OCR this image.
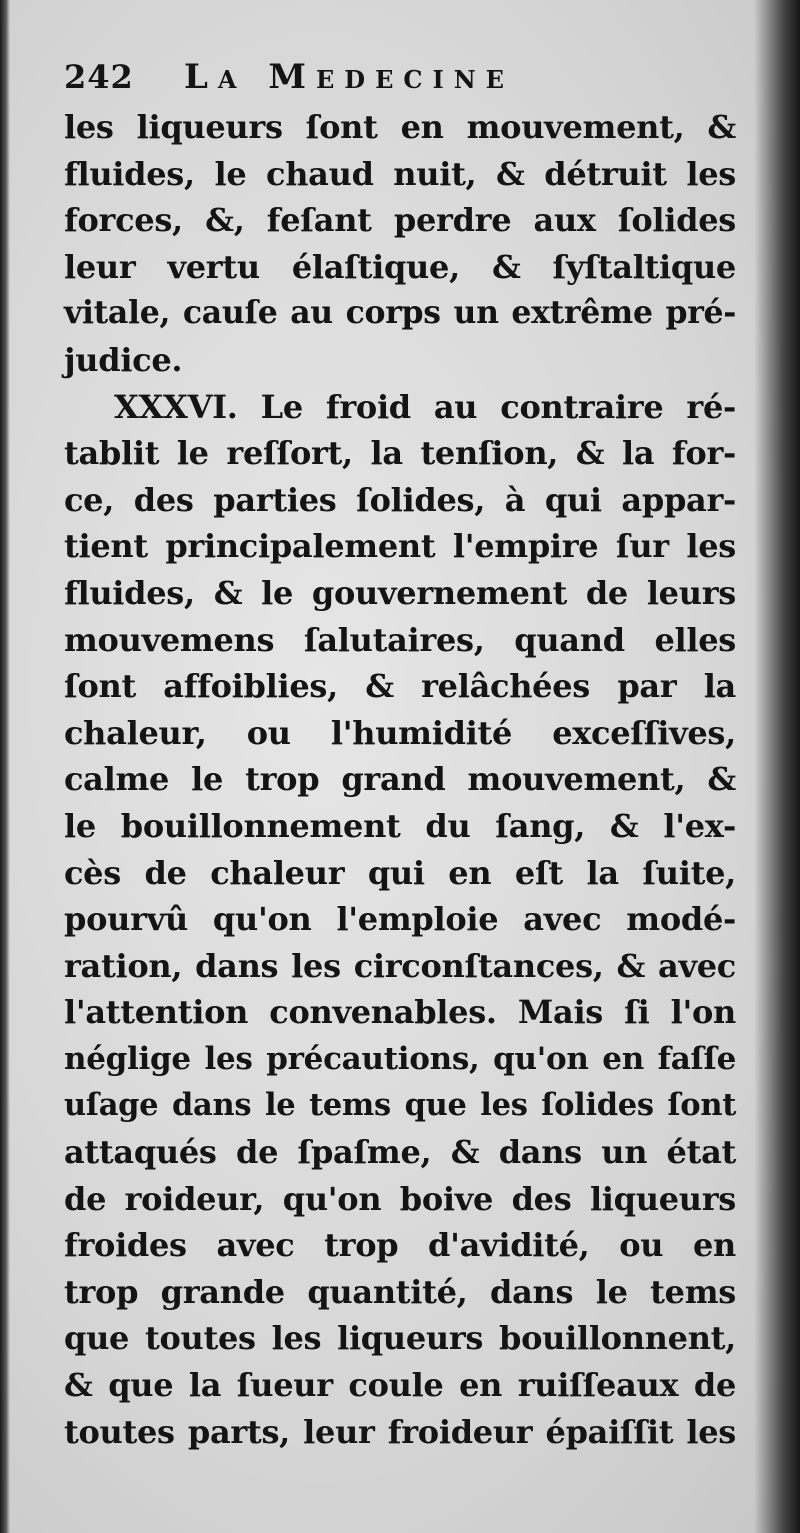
242 La Medecine
les liqueurs ſont en mouvement, &
fluides, le chaud nuit, & détruit les
forces, &, feſant perdre aux ſolides
leur vertu élaſtique, & ſyſtaltique
vitale, cauſe au corps un extrême pré-
judice.
XXXVI. Le froid au contraire ré-
tablit le reſſort, la tenſion, & la for-
ce, des parties ſolides, à qui appar-
tient principalement l'empire ſur les
fluides, & le gouvernement de leurs
mouvemens ſalutaires, quand elles
ſont affoiblies, & relâchées par la
chaleur, ou l'humidité exceſſives,
calme le trop grand mouvement, &
le bouillonnement du ſang, & l'ex-
cès de chaleur qui en eſt la ſuite,
pourvû qu'on l'emploie avec modé-
ration, dans les circonſtances, & avec
l'attention convenables. Mais ſi l'on
néglige les précautions, qu'on en faſſe
uſage dans le tems que les ſolides ſont
attaqués de ſpaſme, & dans un état
de roideur, qu'on boive des liqueurs
froides avec trop d'avidité, ou en
trop grande quantité, dans le tems
que toutes les liqueurs bouillonnent,
& que la ſueur coule en ruiſſeaux de
toutes parts, leur froideur épaiſſit les
